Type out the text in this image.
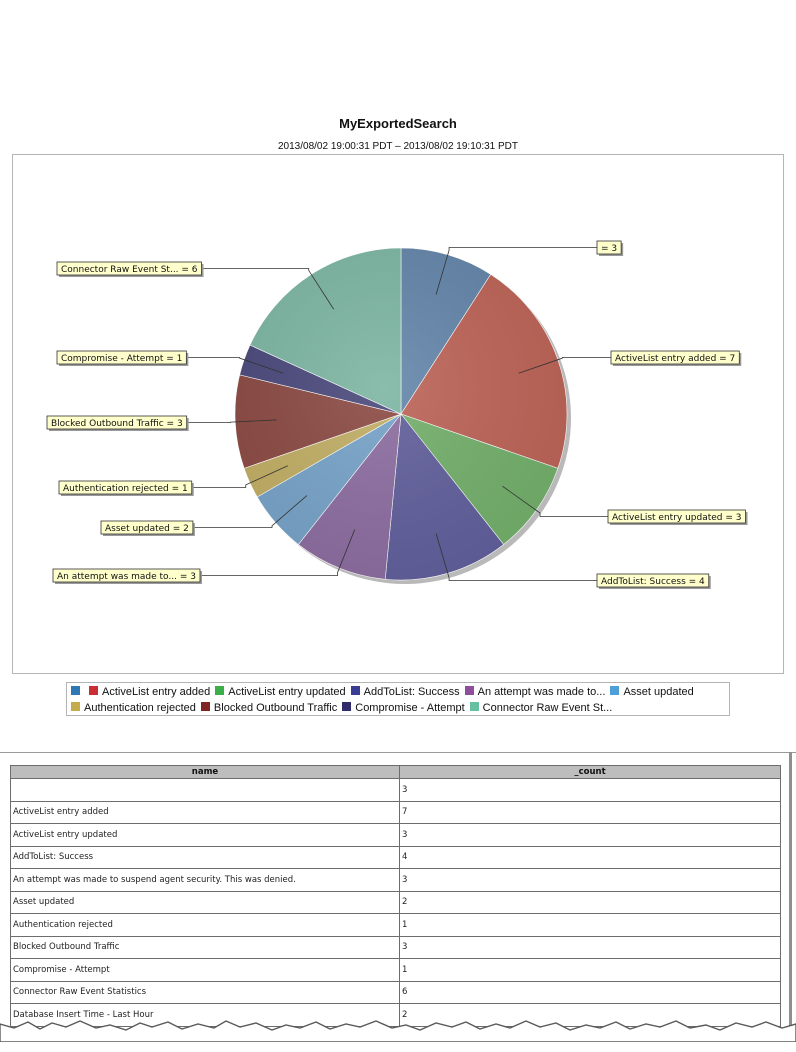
MyExportedSearch
2013/08/02 19:00:31 PDT – 2013/08/02 19:10:31 PDT
= 3
ActiveList entry added = 7
ActiveList entry updated = 3
AddToList: Success = 4
An attempt was made to... = 3
Asset updated = 2
Authentication rejected = 1
Blocked Outbound Traffic = 3
Compromise - Attempt = 1
Connector Raw Event St... = 6
ActiveList entry added ActiveList entry updated AddToList: Success An attempt was made to... Asset updatedAuthentication rejected Blocked Outbound Traffic Compromise - Attempt Connector Raw Event St...
name	_count
	3
ActiveList entry added	7
ActiveList entry updated	3
AddToList: Success	4
An attempt was made to suspend agent security. This was denied.	3
Asset updated	2
Authentication rejected	1
Blocked Outbound Traffic	3
Compromise - Attempt	1
Connector Raw Event Statistics	6
Database Insert Time - Last Hour	2
